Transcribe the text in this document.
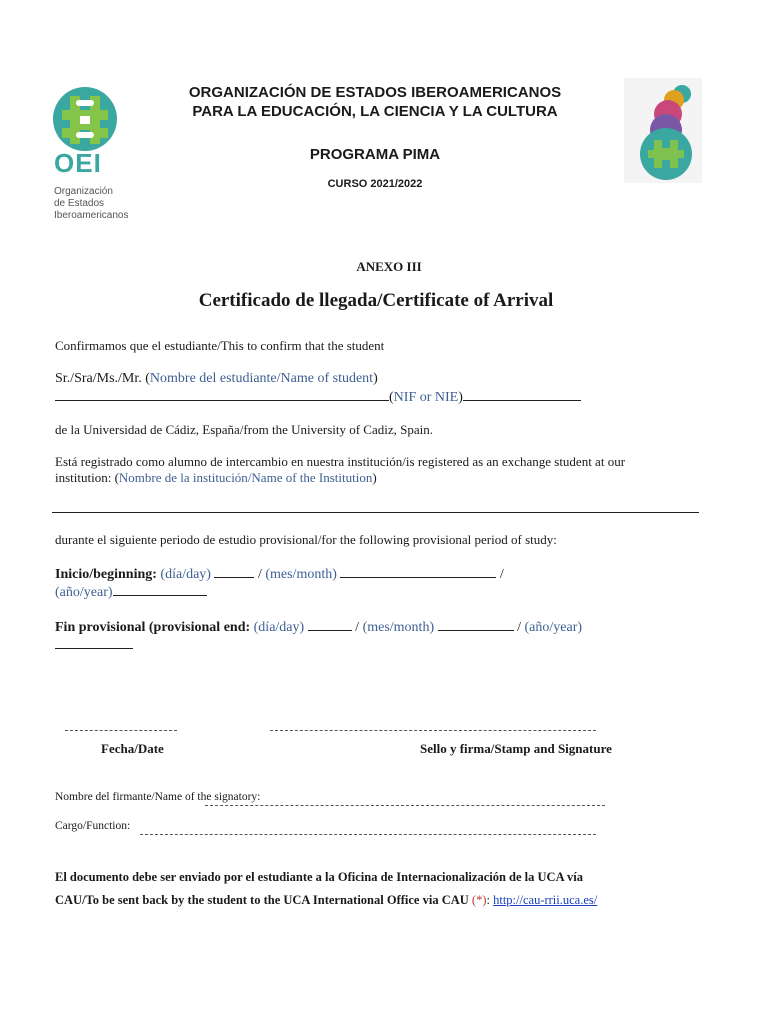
OEI
Organización
de Estados
Iberoamericanos
ORGANIZACIÓN DE ESTADOS IBEROAMERICANOS
PARA LA EDUCACIÓN, LA CIENCIA Y LA CULTURA
PROGRAMA PIMA
CURSO 2021/2022
ANEXO III
Certificado de llegada/Certificate of Arrival
Confirmamos que el estudiante/This to confirm that the student
Sr./Sra/Ms./Mr. (Nombre del estudiante/Name of student)
(NIF or NIE)
de la Universidad de Cádiz, España/from the University of Cadiz, Spain.
Está registrado como alumno de intercambio en nuestra institución/is registered as an exchange student at our
institution: (Nombre de la institución/Name of the Institution)
durante el siguiente periodo de estudio provisional/for the following provisional period of study:
Inicio/beginning: (día/day)	/ (mes/month)	/
(año/year)
Fin provisional (provisional end: (día/day)	/ (mes/month)	/ (año/year)
Fecha/Date	Sello y firma/Stamp and Signature
Nombre del firmante/Name of the signatory:
Cargo/Function:
El documento debe ser enviado por el estudiante a la Oficina de Internacionalización de la UCA vía
CAU/To be sent back by the student to the UCA International Office via CAU (*): http://cau-rrii.uca.es/
